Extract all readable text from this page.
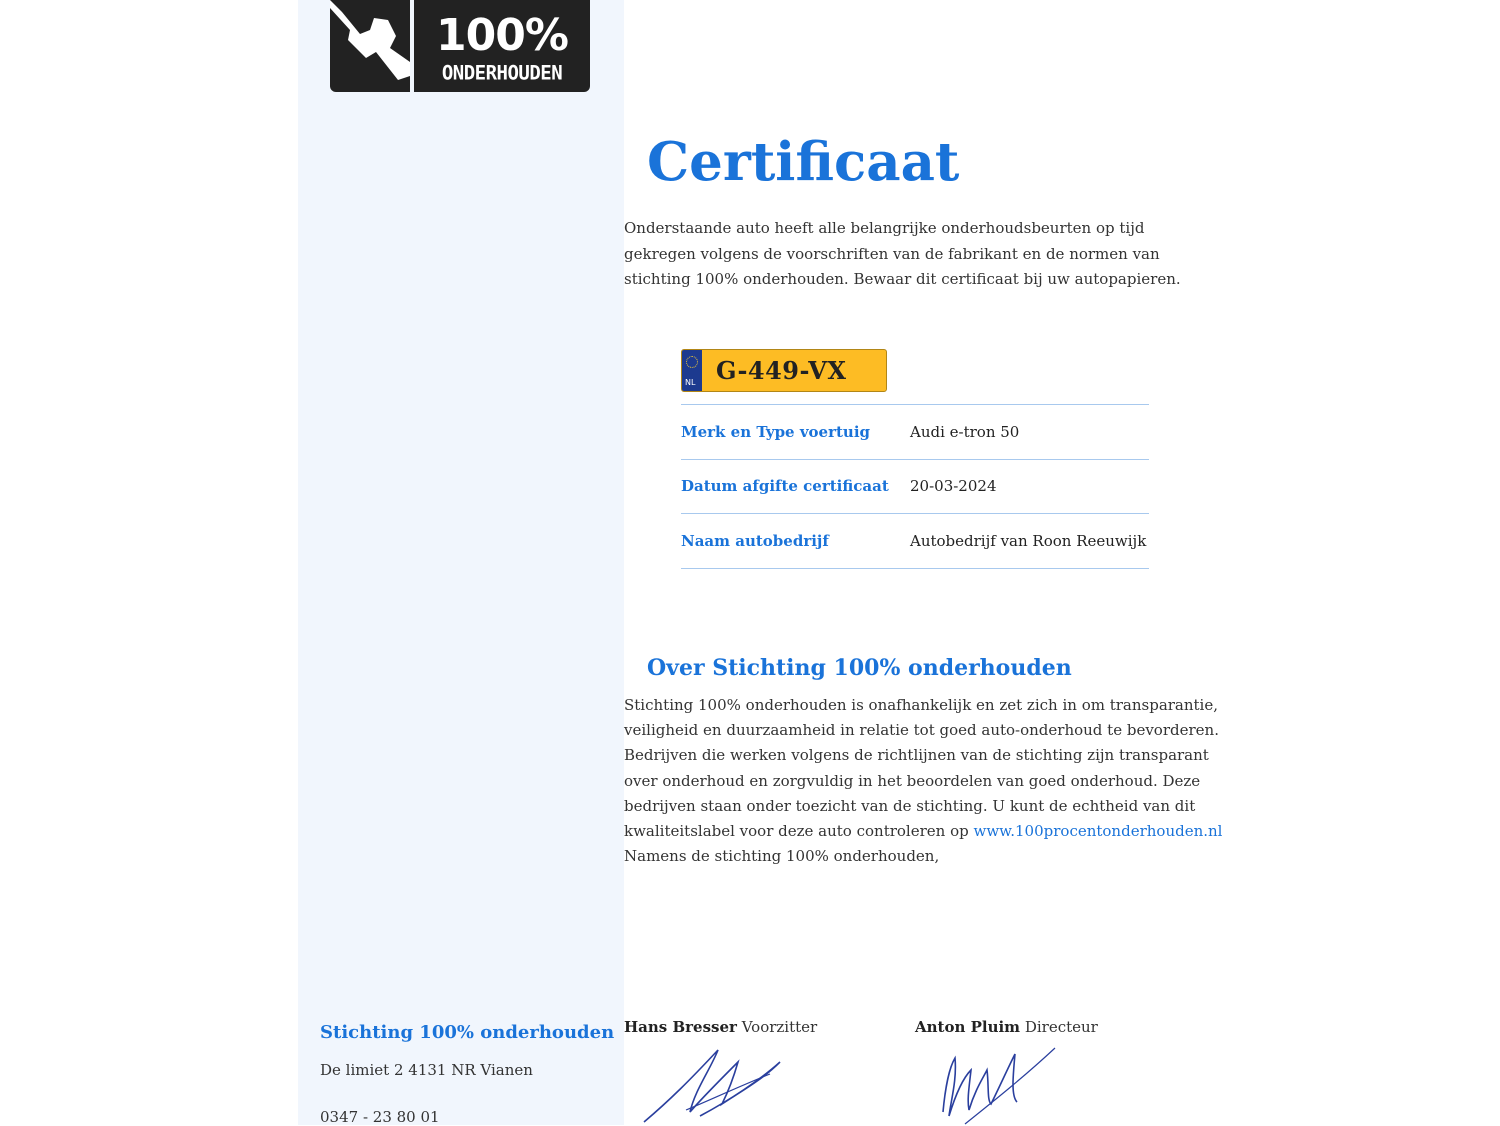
100%
ONDERHOUDEN
Certificaat

Onderstaande auto heeft alle belangrijke onderhoudsbeurten op tijd gekregen volgens de voorschriften van de fabrikant en de normen van stichting 100% onderhouden. Bewaar dit certificaat bij uw autopapieren.

NL G-449-VX
Merk en Type voertuig	Audi e-tron 50
Datum afgifte certificaat	20-03-2024
Naam autobedrijf	Autobedrijf van Roon Reeuwijk
Over Stichting 100% onderhouden

Stichting 100% onderhouden is onafhankelijk en zet zich in om transparantie, veiligheid en duurzaamheid in relatie tot goed auto-onderhoud te bevorderen. Bedrijven die werken volgens de richtlijnen van de stichting zijn transparant over onderhoud en zorgvuldig in het beoordelen van goed onderhoud. Deze bedrijven staan onder toezicht van de stichting. U kunt de echtheid van dit kwaliteitslabel voor deze auto controleren op www.100procentonderhouden.nl
Namens de stichting 100% onderhouden,

Stichting 100% onderhouden
De limiet 2 4131 NR Vianen
0347 - 23 80 01
Hans Bresser Voorzitter	Anton Pluim Directeur
